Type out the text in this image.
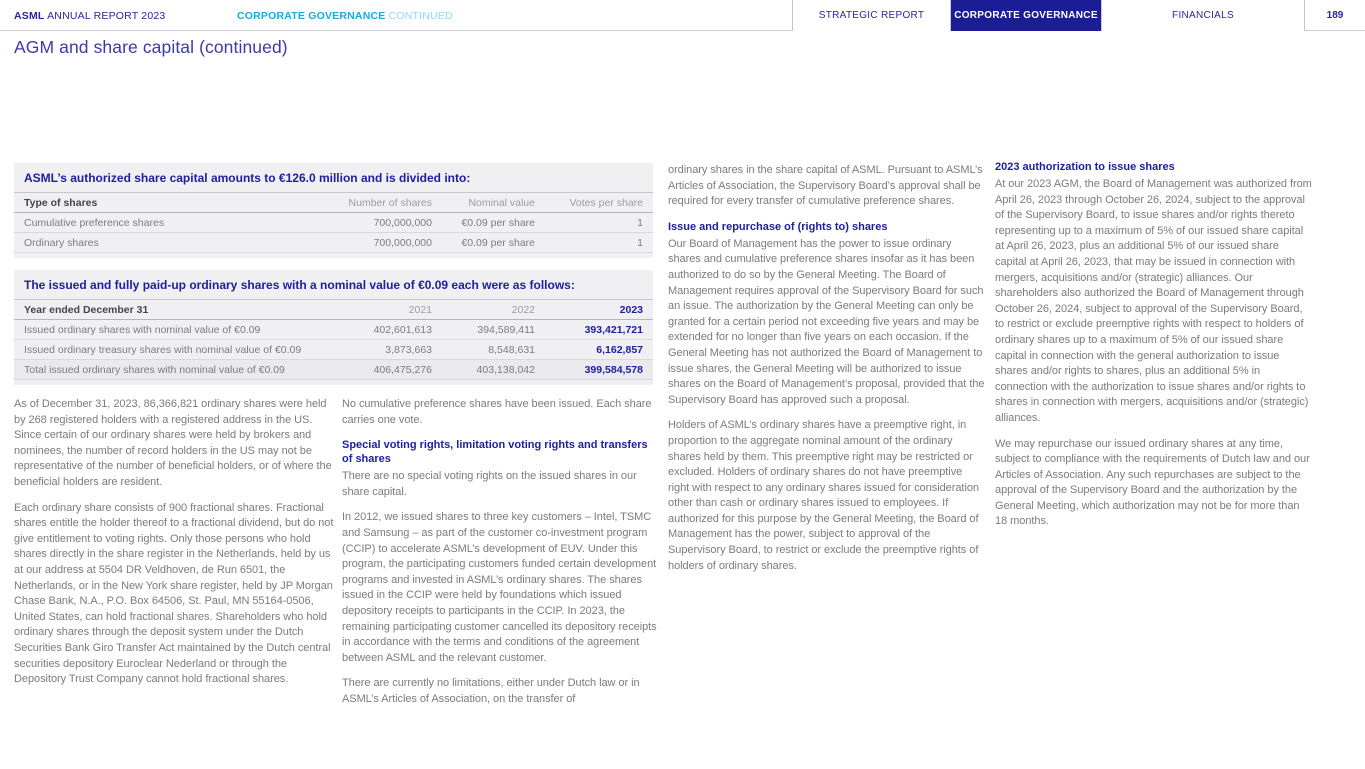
ASML ANNUAL REPORT 2023	CORPORATE GOVERNANCE CONTINUED	STRATEGIC REPORT	CORPORATE GOVERNANCE	FINANCIALS	189
AGM and share capital (continued)
ASML’s authorized share capital amounts to €126.0 million and is divided into:
Type of shares	Number of shares	Nominal value	Votes per share
Cumulative preference shares	700,000,000	€0.09 per share	1
Ordinary shares	700,000,000	€0.09 per share	1
The issued and fully paid-up ordinary shares with a nominal value of €0.09 each were as follows:
Year ended December 31	2021	2022	2023
Issued ordinary shares with nominal value of €0.09	402,601,613	394,589,411	393,421,721
Issued ordinary treasury shares with nominal value of €0.09	3,873,663	8,548,631	6,162,857
Total issued ordinary shares with nominal value of €0.09	406,475,276	403,138,042	399,584,578

As of December 31, 2023, 86,366,821 ordinary shares were held by 268 registered holders with a registered address in the US. Since certain of our ordinary shares were held by brokers and nominees, the number of record holders in the US may not be representative of the number of beneficial holders, or of where the beneficial holders are resident.

Each ordinary share consists of 900 fractional shares. Fractional shares entitle the holder thereof to a fractional dividend, but do not give entitlement to voting rights. Only those persons who hold shares directly in the share register in the Netherlands, held by us at our address at 5504 DR Veldhoven, de Run 6501, the Netherlands, or in the New York share register, held by JP Morgan Chase Bank, N.A., P.O. Box 64506, St. Paul, MN 55164-0506, United States, can hold fractional shares. Shareholders who hold ordinary shares through the deposit system under the Dutch Securities Bank Giro Transfer Act maintained by the Dutch central securities depository Euroclear Nederland or through the Depository Trust Company cannot hold fractional shares.

No cumulative preference shares have been issued. Each share carries one vote.

Special voting rights, limitation voting rights and transfers of shares

There are no special voting rights on the issued shares in our share capital.

In 2012, we issued shares to three key customers – Intel, TSMC and Samsung – as part of the customer co-investment program (CCIP) to accelerate ASML’s development of EUV. Under this program, the participating customers funded certain development programs and invested in ASML’s ordinary shares. The shares issued in the CCIP were held by foundations which issued depository receipts to participants in the CCIP. In 2023, the remaining participating customer cancelled its depository receipts in accordance with the terms and conditions of the agreement between ASML and the relevant customer.

There are currently no limitations, either under Dutch law or in ASML’s Articles of Association, on the transfer of

ordinary shares in the share capital of ASML. Pursuant to ASML’s Articles of Association, the Supervisory Board’s approval shall be required for every transfer of cumulative preference shares.

Issue and repurchase of (rights to) shares

Our Board of Management has the power to issue ordinary shares and cumulative preference shares insofar as it has been authorized to do so by the General Meeting. The Board of Management requires approval of the Supervisory Board for such an issue. The authorization by the General Meeting can only be granted for a certain period not exceeding five years and may be extended for no longer than five years on each occasion. If the General Meeting has not authorized the Board of Management to issue shares, the General Meeting will be authorized to issue shares on the Board of Management’s proposal, provided that the Supervisory Board has approved such a proposal.

Holders of ASML’s ordinary shares have a preemptive right, in proportion to the aggregate nominal amount of the ordinary shares held by them. This preemptive right may be restricted or excluded. Holders of ordinary shares do not have preemptive right with respect to any ordinary shares issued for consideration other than cash or ordinary shares issued to employees. If authorized for this purpose by the General Meeting, the Board of Management has the power, subject to approval of the Supervisory Board, to restrict or exclude the preemptive rights of holders of ordinary shares.

2023 authorization to issue shares

At our 2023 AGM, the Board of Management was authorized from April 26, 2023 through October 26, 2024, subject to the approval of the Supervisory Board, to issue shares and/or rights thereto representing up to a maximum of 5% of our issued share capital at April 26, 2023, plus an additional 5% of our issued share capital at April 26, 2023, that may be issued in connection with mergers, acquisitions and/or (strategic) alliances. Our shareholders also authorized the Board of Management through October 26, 2024, subject to approval of the Supervisory Board, to restrict or exclude preemptive rights with respect to holders of ordinary shares up to a maximum of 5% of our issued share capital in connection with the general authorization to issue shares and/or rights to shares, plus an additional 5% in connection with the authorization to issue shares and/or rights to shares in connection with mergers, acquisitions and/or (strategic) alliances.

We may repurchase our issued ordinary shares at any time, subject to compliance with the requirements of Dutch law and our Articles of Association. Any such repurchases are subject to the approval of the Supervisory Board and the authorization by the General Meeting, which authorization may not be for more than 18 months.
